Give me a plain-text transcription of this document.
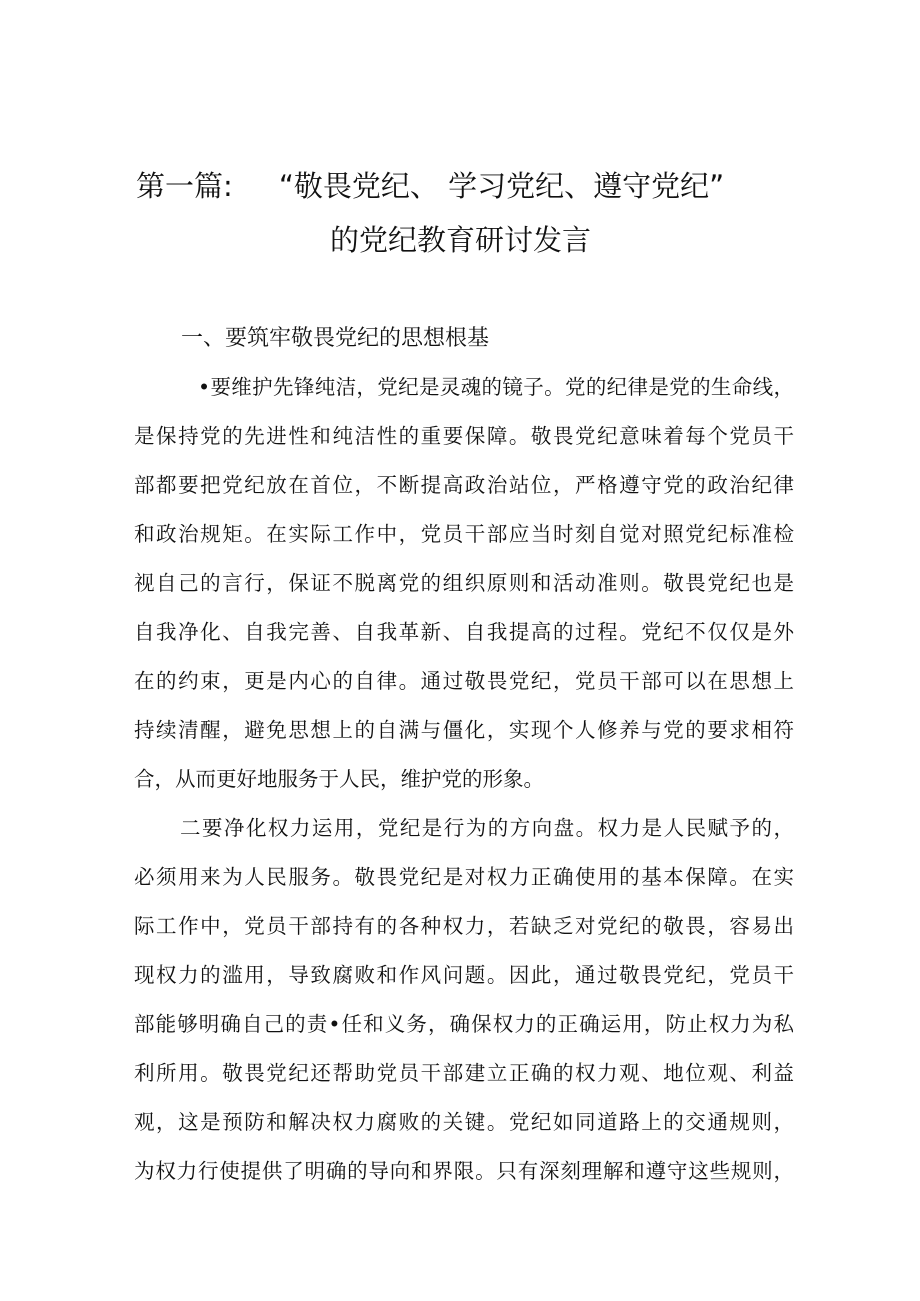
第一篇:     “敬畏党纪、 学习党纪、遵守党纪”
的党纪教育研讨发言
一、要筑牢敬畏党纪的思想根基
•要维护先锋纯洁，党纪是灵魂的镜子。党的纪律是党的生命线，
是保持党的先进性和纯洁性的重要保障。敬畏党纪意味着每个党员干
部都要把党纪放在首位，不断提高政治站位，严格遵守党的政治纪律
和政治规矩。在实际工作中，党员干部应当时刻自觉对照党纪标准检
视自己的言行，保证不脱离党的组织原则和活动准则。敬畏党纪也是
自我净化、自我完善、自我革新、自我提高的过程。党纪不仅仅是外
在的约束，更是内心的自律。通过敬畏党纪，党员干部可以在思想上
持续清醒，避免思想上的自满与僵化，实现个人修养与党的要求相符
合，从而更好地服务于人民，维护党的形象。
二要净化权力运用，党纪是行为的方向盘。权力是人民赋予的，
必须用来为人民服务。敬畏党纪是对权力正确使用的基本保障。在实
际工作中，党员干部持有的各种权力，若缺乏对党纪的敬畏，容易出
现权力的滥用，导致腐败和作风问题。因此，通过敬畏党纪，党员干
部能够明确自己的责•任和义务，确保权力的正确运用，防止权力为私
利所用。敬畏党纪还帮助党员干部建立正确的权力观、地位观、利益
观，这是预防和解决权力腐败的关键。党纪如同道路上的交通规则，
为权力行使提供了明确的导向和界限。只有深刻理解和遵守这些规则，
